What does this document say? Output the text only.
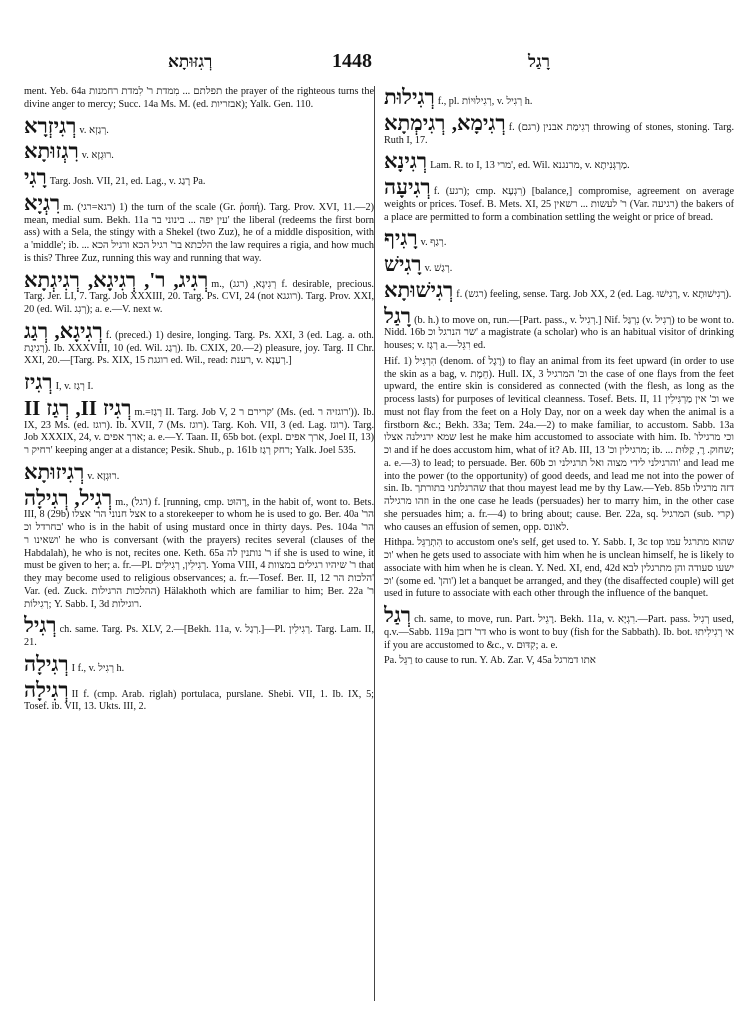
רְגִזּוּתָא	1448	רָגַל

ment. Yeb. 64a תפלתם ... מִמדת ר' לִמדת רחמנות the prayer of the righteous turns the divine anger to mercy; Succ. 14a Ms. M. (ed. אבזריות); Yalk. Gen. 110.

רְגִיזְרָא v. רְגַזְא.

רִגְזוּתָא v. רוּגְזָא.

רָגִי Targ. Josh. VII, 21, ed. Lag., v. רָגַג Pa.

רִגְיָא m. (רגא=רגי) 1) the turn of the scale (Gr. ῥοπή). Targ. Prov. XVI, 11.—2) mean, medial sum. Bekh. 11a עין יפה ... בינוני בר' the liberal (redeems the first born ass) with a Sela, the stingy with a Shekel (two Zuz), he of a middle disposition, with a 'middle'; ib. ... הלכתא בר' רגיל הכא ורגיל הכא the law requires a rigia, and how much is this? Three Zuz, running this way and running that way.

רְגִיג, ר', רְגִיגָא, רְגִיגְתָא m., רְגִיגָא, (רגג) f. desirable, precious. Targ. Jer. LI, 7. Targ. Job XXXIII, 20. Targ. Ps. CVI, 24 (not רוגגא). Targ. Prov. XXI, 20 (ed. Wil. רְגִג); a. e.—V. next w.

רְגִיגָא, רְגַג f. (preced.) 1) desire, longing. Targ. Ps. XXI, 3 (ed. Lag. a. oth. רְגִיגַת). Ib. XXXVIII, 10 (ed. Wil. רְגַג). Ib. CXIX, 20.—2) pleasure, joy. Targ. II Chr. XXI, 20.—[Targ. Ps. XIX, 15 רוגגת ed. Wil., read: רענת, v. רְעַנָא.]

רְגִיז I, v. רְגַז I.

רְגִיז II, רְגַז II m.=רְגַז II. Targ. Job V, 2 קרירם ר' (Ms. (ed. רוגזיה ר')). Ib. IX, 23 Ms. (ed. רוגז). Ib. XVII, 7 (Ms. רוגז). Targ. Koh. VII, 3 (ed. Lag. רוגז). Targ. Job XXXIX, 24, v. ארך אפים; a. e.—Y. Taan. II, 65b bot. (expl. ארך אפים, Joel II, 13) רחיק ר' keeping anger at a distance; Pesik. Shub., p. 161b רחק רְגַז; Yalk. Joel 535.

רְגִיזוּתָא v. רוּגְזָא.

רְגִיל, רְגִילָה m., (רגל) f. [running, cmp. רָהוּט, in the habit of, wont to. Bets. III, 8 (29b) אצל חנוני הר' אצלו to a storekeeper to whom he is used to go. Ber. 40a הר' בחרדל וכ' who is in the habit of using mustard once in thirty days. Pes. 104a הר' ושאינו ר' he who is conversant (with the prayers) recites several (clauses of the Habdalah), he who is not, recites one. Keth. 65a ר' נותנין לה if she is used to wine, it must be given to her; a. fr.—Pl. רְגִילִין, רְגִילִים. Yoma VIII, 4 ר' שיהיו רגילים במצוות that they may become used to religious observances; a. fr.—Tosef. Ber. II, 12 הלכות הר' Var. (ed. Zuck. ההלכות הרגילות) Hälakhoth which are familiar to him; Ber. 22a ר' רְגִילוֹת; Y. Sabb. I, 3d רוגילות.

רְגִיל ch. same. Targ. Ps. XLV, 2.—[Bekh. 11a, v. רְגַל.]—Pl. רְגִילִין. Targ. Lam. II, 21.

רְגִילָה I f., v. רְגִיל h.

רְגִילָה II f. (cmp. Arab. riglah) portulaca, purslane. Shebi. VII, 1. Ib. IX, 5; Tosef. ib. VII, 13. Ukts. III, 2.

רְגִילוּת f., pl. רְגִילוּיוֹת, v. רְגִיל h.

רְגִימָא, רְגִימְתָא f. (רגם) רְגִימַת אבנין throwing of stones, stoning. Targ. Ruth I, 17.

רְגִינָא Lam. R. to I, 13 מרי', ed. Wil. מרנגנא, v. מַרְגְּנִיתָא.

רְגִיעָה f. (רגע); cmp. רִגְעָא) [balance,] compromise, agreement on average weights or prices. Tosef. B. Mets. XI, 25 ר' לעשות ... רשאין (Var. רגיעה) the bakers of a place are permitted to form a combination settling the weight or price of bread.

רָגִיף v. רְגַף.

רָגִישׁ v. רְגַשׁ.

רְגִישׁוּתָא f. (רגש) feeling, sense. Targ. Job XX, 2 (ed. Lag. רְגִישׁוּ, v. רְגִישׁוּתָא).

רָגַל (b. h.) to move on, run.—[Part. pass., v. רְגִיל.] Nif. נִרְגַּל (v. רְגִיל) to be wont to. Nidd. 16b שר הנרגל וכ' a magistrate (a scholar) who is an habitual visitor of drinking houses; v. רְגָז a.—רִגֵּל ed.

Hif. 1) הִרְגִּיל (denom. of רֶגֶל) to flay an animal from its feet upward (in order to use the skin as a bag, v. חֵמֶת). Hull. IX, 3 וכ' המרגיל the case of one flays from the feet upward, the entire skin is considered as connected (with the flesh, as long as the process lasts) for purposes of levitical cleanness. Tosef. Bets. II, 11 וכ' אין מַרְגִּילִין we must not flay from the feet on a Holy Day, nor on a week day when the animal is a firstborn &c.; Bekh. 33a; Tem. 24a.—2) to make familiar, to accustom. Sabb. 13a שמא ירגילנה אצלו lest he make him accustomed to associate with him. Ib. 'וכי מרגילו וכ and if he does accustom him, what of it? Ab. III, 13 'מרגילין וכ; ib. ... שחוק. רֶ, קַלּוּת; a. e.—3) to lead; to persuade. Ber. 60b והרגילני לידי מצוה ואל תרגילני וכ' and lead me into the power (to the opportunity) of good deeds, and lead me not into the power of sin. Ib. שהרגלתני בתורתך that thou mayest lead me by thy Law.—Yeb. 85b דזה מרגילו וזהו מרגילה in the one case he leads (persuades) her to marry him, in the other case she persuades him; a. fr.—4) to bring about; cause. Ber. 22a, sq. המרגיל (sub. קרי) who causes an effusion of semen, opp. לאונס.

Hithpa. הִתְרַגֵּל to accustom one's self, get used to. Y. Sabb. I, 3c top שהוא מתרגל עמו וכ' when he gets used to associate with him when he is unclean himself, he is likely to associate with him when he is clean. Y. Ned. XI, end, 42d ישעו סעודה והן מתרגלין לבא וכ' (some ed. 'והן') let a banquet be arranged, and they (the disaffected couple) will get used in future to associate with each other through the influence of the banquet.

רְגַל ch. same, to move, run. Part. רָגֵיל. Bekh. 11a, v. רִגְיָא.—Part. pass. רְגִיל used, q.v.—Sabb. 119a דר' דזבן who is wont to buy (fish for the Sabbath). Ib. bot. אי רְגִילִיתוּ if you are accustomed to &c., v. קִדּוּם; a. e.

Pa. רַגֵּל to cause to run. Y. Ab. Zar. V, 45a אתו דמרגל
